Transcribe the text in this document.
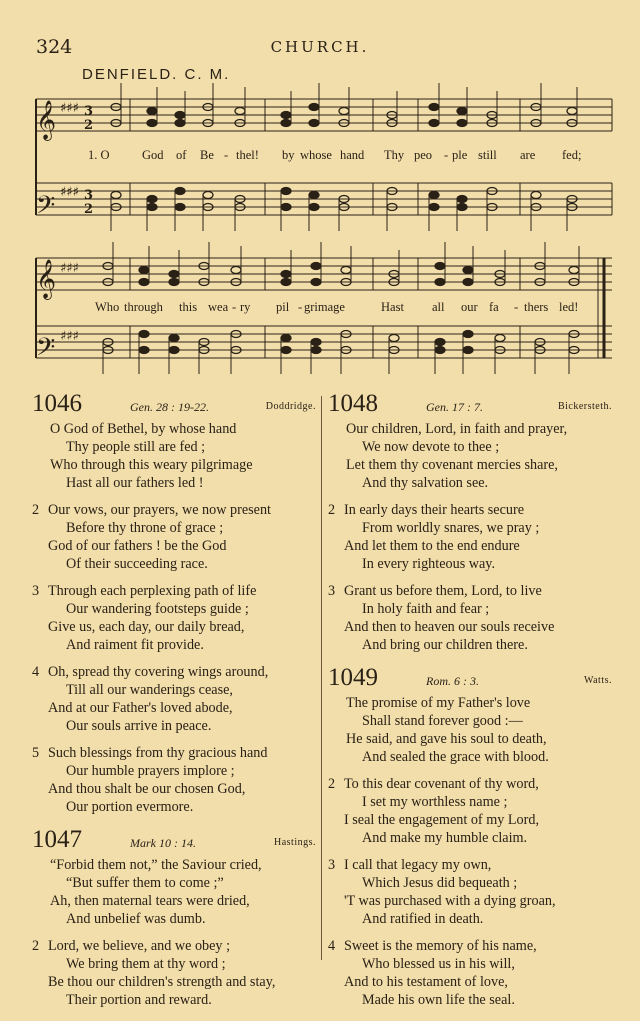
324	CHURCH.
DENFIELD. C. M.
𝄞
𝄢
𝄞
𝄢
♯♯♯
♯♯♯
♯♯♯
♯♯♯
3
2
3
2
1. O	God of Be - thel! by whose hand Thy peo - ple still are fed;
Who through this wea - ry pil - grimage	Hast all our fa - thers led!
1046	Gen. 28 : 19-22.	Doddridge.
O God of Bethel, by whose hand
Thy people still are fed ;
Who through this weary pilgrimage
Hast all our fathers led !
2 Our vows, our prayers, we now present
Before thy throne of grace ;
God of our fathers ! be the God
Of their succeeding race.
3 Through each perplexing path of life
Our wandering footsteps guide ;
Give us, each day, our daily bread,
And raiment fit provide.
4 Oh, spread thy covering wings around,
Till all our wanderings cease,
And at our Father's loved abode,
Our souls arrive in peace.
5 Such blessings from thy gracious hand
Our humble prayers implore ;
And thou shalt be our chosen God,
Our portion evermore.
1047	Mark 10 : 14.	Hastings.
“Forbid them not,” the Saviour cried,
“But suffer them to come ;”
Ah, then maternal tears were dried,
And unbelief was dumb.
2 Lord, we believe, and we obey ;
We bring them at thy word ;
Be thou our children's strength and stay,
Their portion and reward.
1048	Gen. 17 : 7.	Bickersteth.
Our children, Lord, in faith and prayer,
We now devote to thee ;
Let them thy covenant mercies share,
And thy salvation see.
2 In early days their hearts secure
From worldly snares, we pray ;
And let them to the end endure
In every righteous way.
3 Grant us before them, Lord, to live
In holy faith and fear ;
And then to heaven our souls receive
And bring our children there.
1049	Rom. 6 : 3.	Watts.
The promise of my Father's love
Shall stand forever good :—
He said, and gave his soul to death,
And sealed the grace with blood.
2 To this dear covenant of thy word,
I set my worthless name ;
I seal the engagement of my Lord,
And make my humble claim.
3 I call that legacy my own,
Which Jesus did bequeath ;
'T was purchased with a dying groan,
And ratified in death.
4 Sweet is the memory of his name,
Who blessed us in his will,
And to his testament of love,
Made his own life the seal.
